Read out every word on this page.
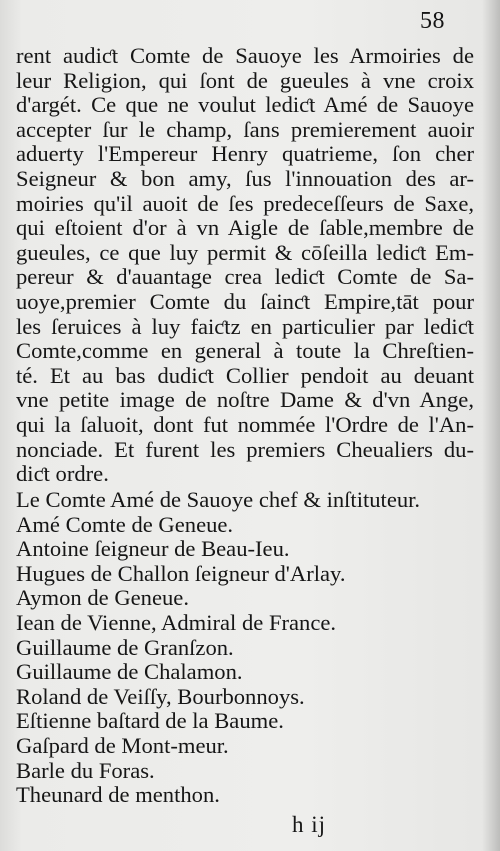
58
rent audiƈt Comte de Sauoye les Armoiries de
leur Religion, qui ſont de gueules à vne croix
d'argét. Ce que ne voulut lediƈt Amé de Sauoye
accepter ſur le champ, ſans premierement auoir
aduerty l'Empereur Henry quatrieme, ſon cher
Seigneur & bon amy, ſus l'innouation des ar-
moiries qu'il auoit de ſes predeceſſeurs de Saxe,
qui eſtoient d'or à vn Aigle de ſable,membre de
gueules, ce que luy permit & cōſeilla lediƈt Em-
pereur & d'auantage crea lediƈt Comte de Sa-
uoye,premier Comte du ſainƈt Empire,tāt pour
les ſeruices à luy faiƈtz en particulier par lediƈt
Comte,comme en general à toute la Chreſtien-
té. Et au bas dudiƈt Collier pendoit au deuant
vne petite image de noſtre Dame & d'vn Ange,
qui la ſaluoit, dont fut nommée l'Ordre de l'An-
nonciade. Et furent les premiers Cheualiers du-
diƈt ordre.
Le Comte Amé de Sauoye chef & inſtituteur.
Amé Comte de Geneue.
Antoine ſeigneur de Beau-Ieu.
Hugues de Challon ſeigneur d'Arlay.
Aymon de Geneue.
Iean de Vienne, Admiral de France.
Guillaume de Granſzon.
Guillaume de Chalamon.
Roland de Veiſſy, Bourbonnoys.
Eſtienne baſtard de la Baume.
Gaſpard de Mont-meur.
Barle du Foras.
Theunard de menthon.
h ij
